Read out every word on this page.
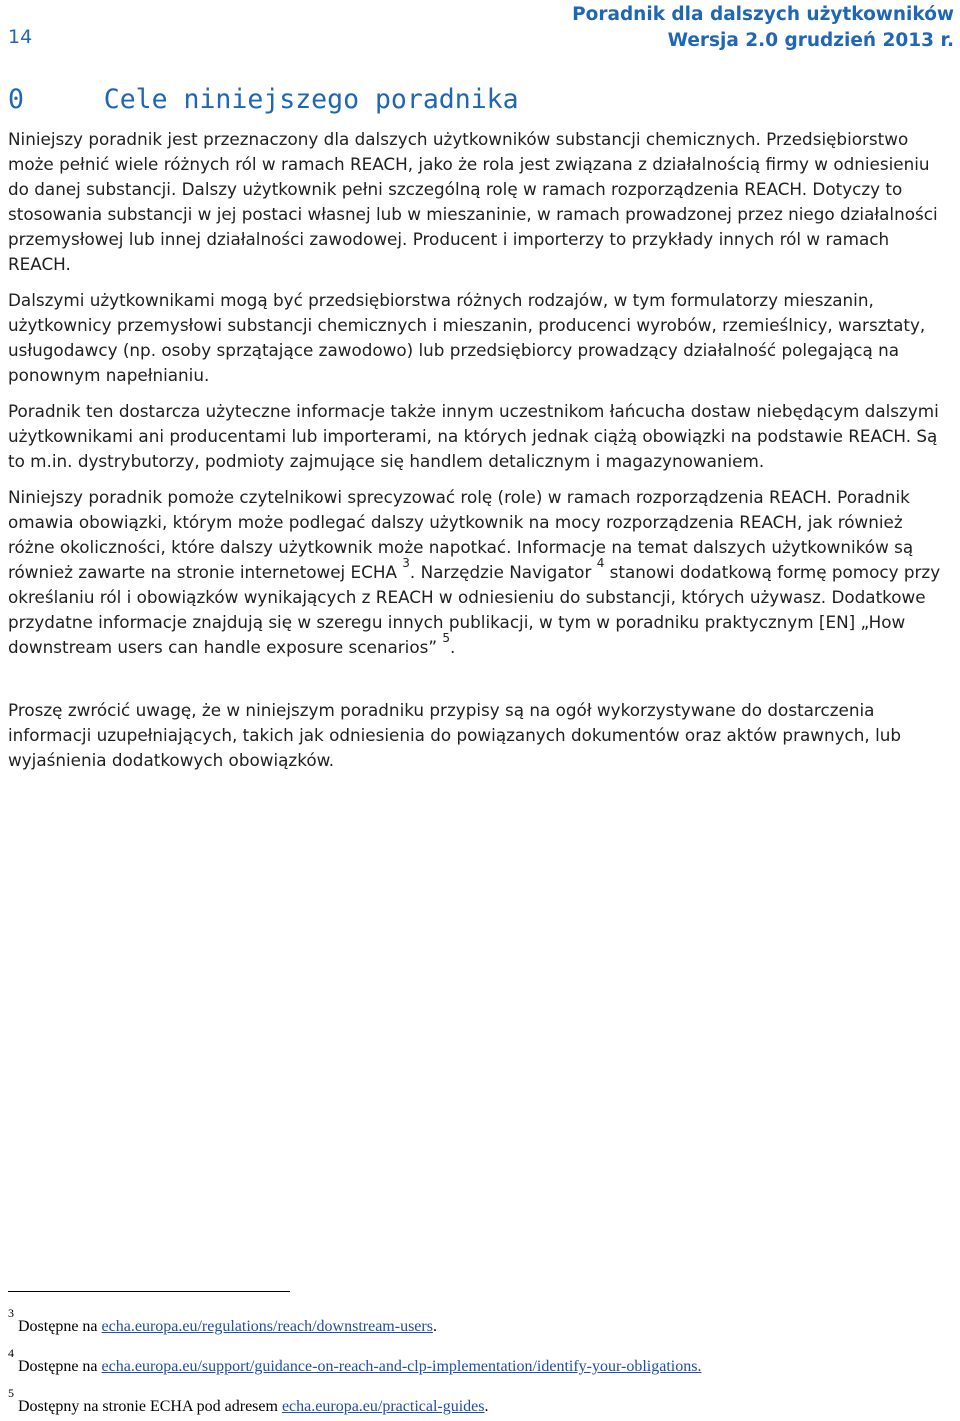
14
Poradnik dla dalszych użytkowników
Wersja 2.0 grudzień 2013 r.
0	Cele niniejszego poradnika

Niniejszy poradnik jest przeznaczony dla dalszych użytkowników substancji chemicznych. Przedsiębiorstwo może pełnić wiele różnych ról w ramach REACH, jako że rola jest związana z działalnością firmy w odniesieniu do danej substancji. Dalszy użytkownik pełni szczególną rolę w ramach rozporządzenia REACH. Dotyczy to stosowania substancji w jej postaci własnej lub w mieszaninie, w ramach prowadzonej przez niego działalności przemysłowej lub innej działalności zawodowej. Producent i importerzy to przykłady innych ról w ramach REACH.

Dalszymi użytkownikami mogą być przedsiębiorstwa różnych rodzajów, w tym formulatorzy mieszanin, użytkownicy przemysłowi substancji chemicznych i mieszanin, producenci wyrobów, rzemieślnicy, warsztaty, usługodawcy (np. osoby sprzątające zawodowo) lub przedsiębiorcy prowadzący działalność polegającą na ponownym napełnianiu.

Poradnik ten dostarcza użyteczne informacje także innym uczestnikom łańcucha dostaw niebędącym dalszymi użytkownikami ani producentami lub importerami, na których jednak ciążą obowiązki na podstawie REACH. Są to m.in. dystrybutorzy, podmioty zajmujące się handlem detalicznym i magazynowaniem.

Niniejszy poradnik pomoże czytelnikowi sprecyzować rolę (role) w ramach rozporządzenia REACH. Poradnik omawia obowiązki, którym może podlegać dalszy użytkownik na mocy rozporządzenia REACH, jak również różne okoliczności, które dalszy użytkownik może napotkać. Informacje na temat dalszych użytkowników są również zawarte na stronie internetowej ECHA $^3$. Narzędzie Navigator $^4$ stanowi dodatkową formę pomocy przy określaniu ról i obowiązków wynikających z REACH w odniesieniu do substancji, których używasz. Dodatkowe przydatne informacje znajdują się w szeregu innych publikacji, w tym w poradniku praktycznym [EN] „How downstream users can handle exposure scenarios” $^5$.

Proszę zwrócić uwagę, że w niniejszym poradniku przypisy są na ogół wykorzystywane do dostarczenia informacji uzupełniających, takich jak odniesienia do powiązanych dokumentów oraz aktów prawnych, lub wyjaśnienia dodatkowych obowiązków.

3
Dostępne na echa.europa.eu/regulations/reach/downstream-users.
4
Dostępne na echa.europa.eu/support/guidance-on-reach-and-clp-implementation/identify-your-obligations.
5
Dostępny na stronie ECHA pod adresem echa.europa.eu/practical-guides.
